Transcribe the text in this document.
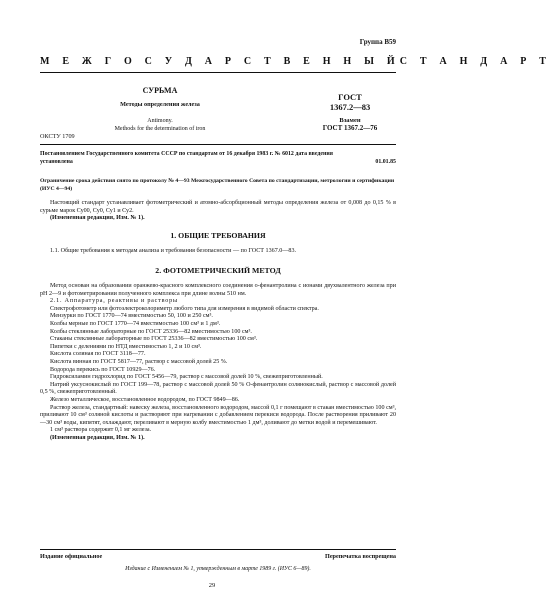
Группа В59
М Е Ж Г О С У Д А Р С Т В Е Н Н Ы Й С Т А Н Д А Р Т
СУРЬМА
Методы определения железа
Antimony.
Methods for the determination of iron
ГОСТ
1367.2—83
Взамен
ГОСТ 1367.2—76
ОКСТУ 1709
Постановлением Государственного комитета СССР по стандартам от 16 декабря 1983 г. № 6012 дата введения
установлена	01.01.85
Ограничение срока действия снято по протоколу № 4—93 Межгосударственного Совета по стандартизации, метрологии и сертификации (ИУС 4—94)
Настоящий стандарт устанавливает фотометрический и атомно-абсорбционный методы определения железа от 0,008 до 0,15 % в сурьме марок Су00, Су0, Су1 и Су2.
(Измененная редакция, Изм. № 1).
1. ОБЩИЕ ТРЕБОВАНИЯ
1.1. Общие требования к методам анализа и требования безопасности — по ГОСТ 1367.0—83.
2. ФОТОМЕТРИЧЕСКИЙ МЕТОД
Метод основан на образовании оранжево-красного комплексного соединения о-фенантролина с ионами двухвалентного железа при рН 2—9 и фотометрировании полученного комплекса при длине волны 510 нм.
2.1. Аппаратура, реактивы и растворы
Спектрофотометр или фотоэлектроколориметр любого типа для измерения в видимой области спектра.
Мензурки по ГОСТ 1770—74 вместимостью 50, 100 и 250 см³.
Колбы мерные по ГОСТ 1770—74 вместимостью 100 см³ и 1 дм³.
Колбы стеклянные лабораторные по ГОСТ 25336—82 вместимостью 100 см³.
Стаканы стеклянные лабораторные по ГОСТ 25336—82 вместимостью 100 см³.
Пипетки с делениями по НТД вместимостью 1, 2 и 10 см³.
Кислота соляная по ГОСТ 3118—77.
Кислота винная по ГОСТ 5817—77, раствор с массовой долей 25 %.
Водорода перекись по ГОСТ 10929—76.
Гидроксиламин гидрохлорид по ГОСТ 5456—79, раствор с массовой долей 10 %, свежеприготовленный.
Натрий уксуснокислый по ГОСТ 199—78, раствор с массовой долей 50 % О-фенантролин солянокислый, раствор с массовой долей 0,5 %, свежеприготовленный.
Железо металлическое, восстановленное водородом, по ГОСТ 9849—86.
Раствор железа, стандартный: навеску железа, восстановленного водородом, массой 0,1 г помещают в стакан вместимостью 100 см³, приливают 10 см³ соляной кислоты и растворяют при нагревании с добавлением перекиси водорода. После растворения приливают 20—30 см³ воды, кипятят, охлаждают, переливают в мерную колбу вместимостью 1 дм³, доливают до метки водой и перемешивают.
1 см³ раствора содержит 0,1 мг железа.
(Измененная редакция, Изм. № 1).
Издание официальное	Перепечатка воспрещена
Издание с Изменением № 1, утвержденным в марте 1989 г. (ИУС 6—89).
29
